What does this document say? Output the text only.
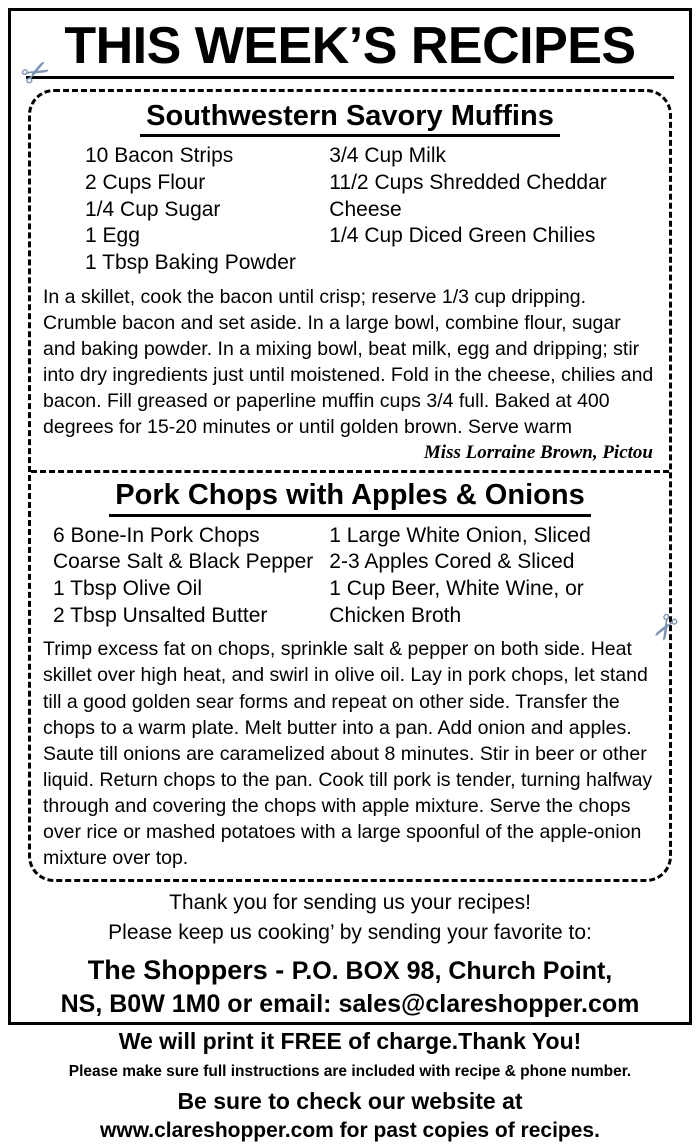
✂
✂
THIS WEEK’S RECIPES
Southwestern Savory Muffins
10 Bacon Strips
2 Cups Flour
1/4 Cup Sugar
1 Egg
1 Tbsp Baking Powder
3/4 Cup Milk
11/2 Cups Shredded Cheddar Cheese
1/4 Cup Diced Green Chilies
In a skillet, cook the bacon until crisp; reserve 1/3 cup dripping. Crumble bacon and set aside. In a large bowl, combine flour, sugar and baking powder. In a mixing bowl, beat milk, egg and dripping; stir into dry ingredients just until moistened. Fold in the cheese, chilies and bacon. Fill greased or paperline muffin cups 3/4 full. Baked at 400 degrees for 15-20 minutes or until golden brown. Serve warm
Miss Lorraine Brown, Pictou
Pork Chops with Apples & Onions
6 Bone-In Pork Chops
Coarse Salt & Black Pepper
1 Tbsp Olive Oil
2 Tbsp Unsalted Butter
1 Large White Onion, Sliced
2-3 Apples Cored & Sliced
1 Cup Beer, White Wine, or Chicken Broth
Trimp excess fat on chops, sprinkle salt & pepper on both side. Heat skillet over high heat, and swirl in olive oil. Lay in pork chops, let stand till a good golden sear forms and repeat on other side. Transfer the chops to a warm plate. Melt butter into a pan. Add onion and apples. Saute till onions are caramelized about 8 minutes. Stir in beer or other liquid. Return chops to the pan. Cook till pork is tender, turning halfway through and covering the chops with apple mixture. Serve the chops over rice or mashed potatoes with a large spoonful of the apple-onion mixture over top.
Thank you for sending us your recipes!
Please keep us cooking’ by sending your favorite to:
The Shoppers - P.O. BOX 98, Church Point,
NS, B0W 1M0 or email: sales@clareshopper.com
We will print it FREE of charge.Thank You!
Please make sure full instructions are included with recipe & phone number.
Be sure to check our website at
www.clareshopper.com for past copies of recipes.
